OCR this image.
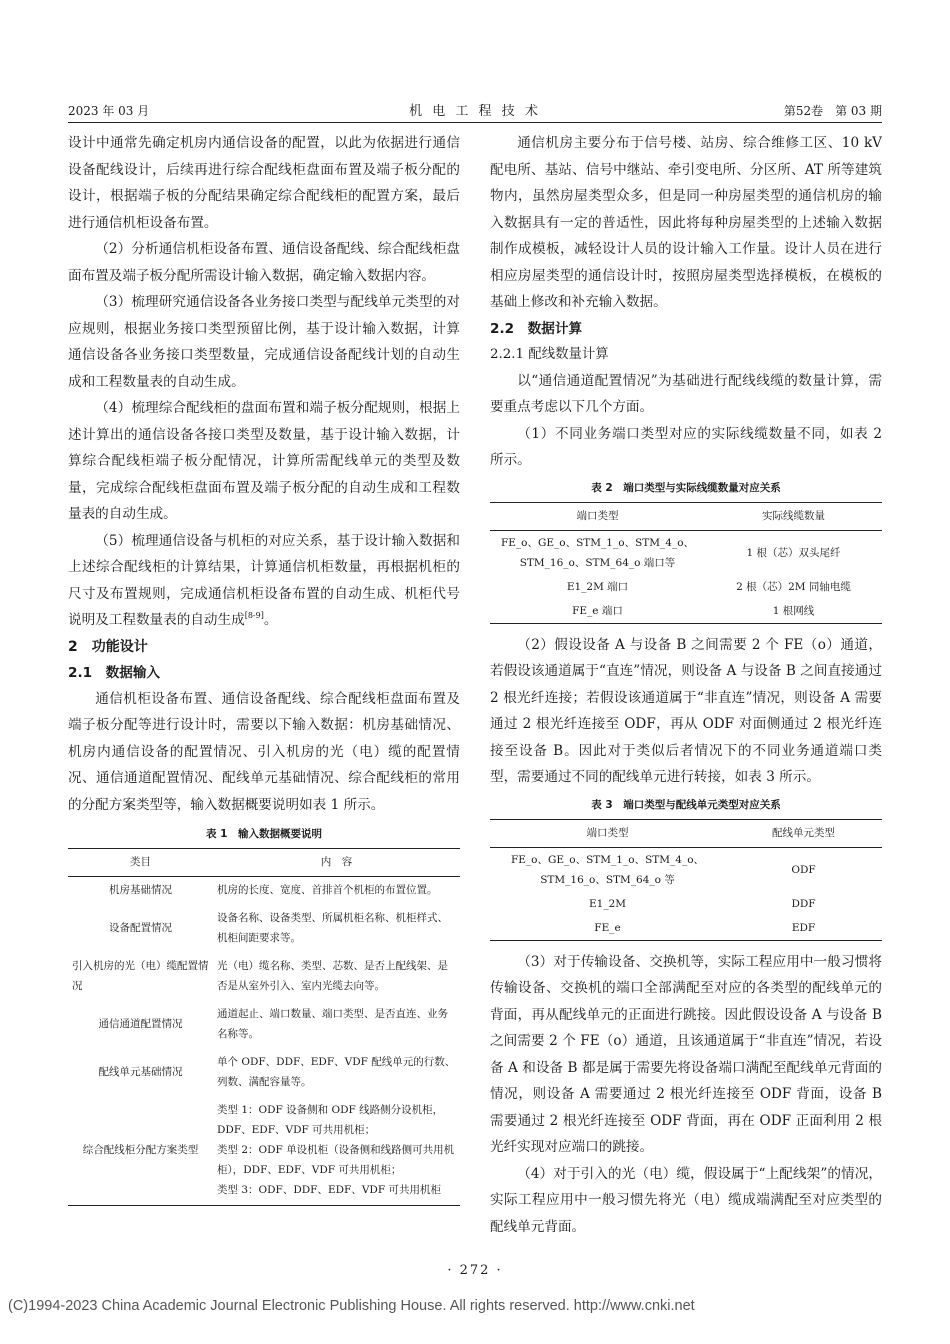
2023 年 03 月	机 电 工 程 技 术	第52卷　第 03 期

设计中通常先确定机房内通信设备的配置，以此为依据进行通信设备配线设计，后续再进行综合配线柜盘面布置及端子板分配的设计，根据端子板的分配结果确定综合配线柜的配置方案，最后进行通信机柜设备布置。

（2）分析通信机柜设备布置、通信设备配线、综合配线柜盘面布置及端子板分配所需设计输入数据，确定输入数据内容。

（3）梳理研究通信设备各业务接口类型与配线单元类型的对应规则，根据业务接口类型预留比例，基于设计输入数据，计算通信设备各业务接口类型数量，完成通信设备配线计划的自动生成和工程数量表的自动生成。

（4）梳理综合配线柜的盘面布置和端子板分配规则，根据上述计算出的通信设备各接口类型及数量，基于设计输入数据，计算综合配线柜端子板分配情况，计算所需配线单元的类型及数量，完成综合配线柜盘面布置及端子板分配的自动生成和工程数量表的自动生成。

（5）梳理通信设备与机柜的对应关系，基于设计输入数据和上述综合配线柜的计算结果，计算通信机柜数量，再根据机柜的尺寸及布置规则，完成通信机柜设备布置的自动生成、机柜代号说明及工程数量表的自动生成[8-9]。

2　功能设计
2.1　数据输入

通信机柜设备布置、通信设备配线、综合配线柜盘面布置及端子板分配等进行设计时，需要以下输入数据：机房基础情况、机房内通信设备的配置情况、引入机房的光（电）缆的配置情况、通信通道配置情况、配线单元基础情况、综合配线柜的常用的分配方案类型等，输入数据概要说明如表 1 所示。

表 1　输入数据概要说明
类目	内　容
机房基础情况	机房的长度、宽度、首排首个机柜的布置位置。
设备配置情况	设备名称、设备类型、所属机柜名称、机柜样式、机柜间距要求等。
引入机房的光（电）缆配置情况	光（电）缆名称、类型、芯数、是否上配线架、是否是从室外引入、室内光缆去向等。
通信通道配置情况	通道起止、端口数量、端口类型、是否直连、业务名称等。
配线单元基础情况	单个 ODF、DDF、EDF、VDF 配线单元的行数、列数、满配容量等。
综合配线柜分配方案类型	类型 1：ODF 设备侧和 ODF 线路侧分设机柜，DDF、EDF、VDF 可共用机柜；
类型 2：ODF 单设机柜（设备侧和线路侧可共用机柜），DDF、EDF、VDF 可共用机柜；
类型 3：ODF、DDF、EDF、VDF 可共用机柜

通信机房主要分布于信号楼、站房、综合维修工区、10 kV 配电所、基站、信号中继站、牵引变电所、分区所、AT 所等建筑物内，虽然房屋类型众多，但是同一种房屋类型的通信机房的输入数据具有一定的普适性，因此将每种房屋类型的上述输入数据制作成模板，减轻设计人员的设计输入工作量。设计人员在进行相应房屋类型的通信设计时，按照房屋类型选择模板，在模板的基础上修改和补充输入数据。

2.2　数据计算
2.2.1 配线数量计算

以“通信通道配置情况”为基础进行配线线缆的数量计算，需要重点考虑以下几个方面。

（1）不同业务端口类型对应的实际线缆数量不同，如表 2 所示。

表 2　端口类型与实际线缆数量对应关系
端口类型	实际线缆数量

FE_o、GE_o、STM_1_o、STM_4_o、
STM_16_o、STM_64_o 端口等	1 根（芯）双头尾纤
E1_2M 端口	2 根（芯）2M 同轴电缆
FE_e 端口	1 根网线

（2）假设设备 A 与设备 B 之间需要 2 个 FE（o）通道，若假设该通道属于“直连”情况，则设备 A 与设备 B 之间直接通过 2 根光纤连接；若假设该通道属于“非直连”情况，则设备 A 需要通过 2 根光纤连接至 ODF，再从 ODF 对面侧通过 2 根光纤连接至设备 B。因此对于类似后者情况下的不同业务通道端口类型，需要通过不同的配线单元进行转接，如表 3 所示。

表 3　端口类型与配线单元类型对应关系
端口类型	配线单元类型

FE_o、GE_o、STM_1_o、STM_4_o、
STM_16_o、STM_64_o 等	ODF
E1_2M	DDF
FE_e	EDF

（3）对于传输设备、交换机等，实际工程应用中一般习惯将传输设备、交换机的端口全部满配至对应的各类型的配线单元的背面，再从配线单元的正面进行跳接。因此假设设备 A 与设备 B 之间需要 2 个 FE（o）通道，且该通道属于“非直连”情况，若设备 A 和设备 B 都是属于需要先将设备端口满配至配线单元背面的情况，则设备 A 需要通过 2 根光纤连接至 ODF 背面，设备 B 需要通过 2 根光纤连接至 ODF 背面，再在 ODF 正面利用 2 根光纤实现对应端口的跳接。

（4）对于引入的光（电）缆，假设属于“上配线架”的情况，实际工程应用中一般习惯先将光（电）缆成端满配至对应类型的配线单元背面。

· 272 ·
(C)1994-2023 China Academic Journal Electronic Publishing House. All rights reserved. http://www.cnki.net
